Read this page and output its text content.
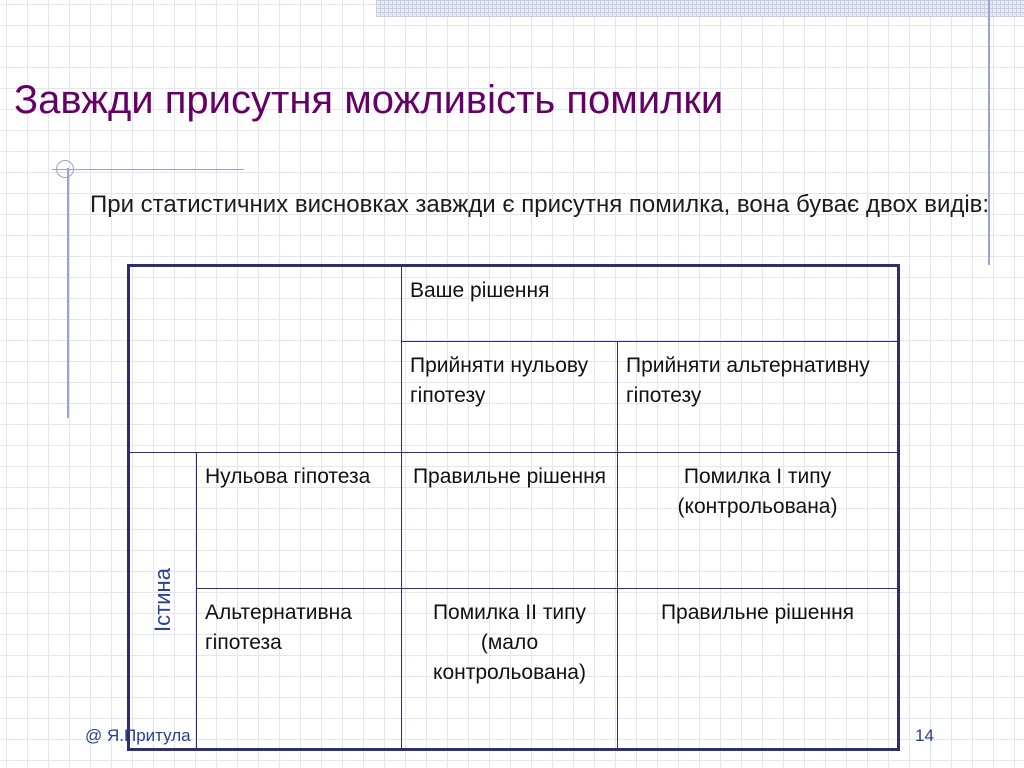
Завжди присутня можливість помилки
При статистичних висновках завжди є присутня помилка, вона буває двох видів:
		Ваше рішення	
		Прийняти нульову гіпотезу	Прийняти альтернативну гіпотезу
Істина	Нульова гіпотеза	Правильне рішення	Помилка I типу (контрольована)
	Альтернативна гіпотеза	Помилка II типу (мало контрольована)	Правильне рішення
@ Я.Притула	14
